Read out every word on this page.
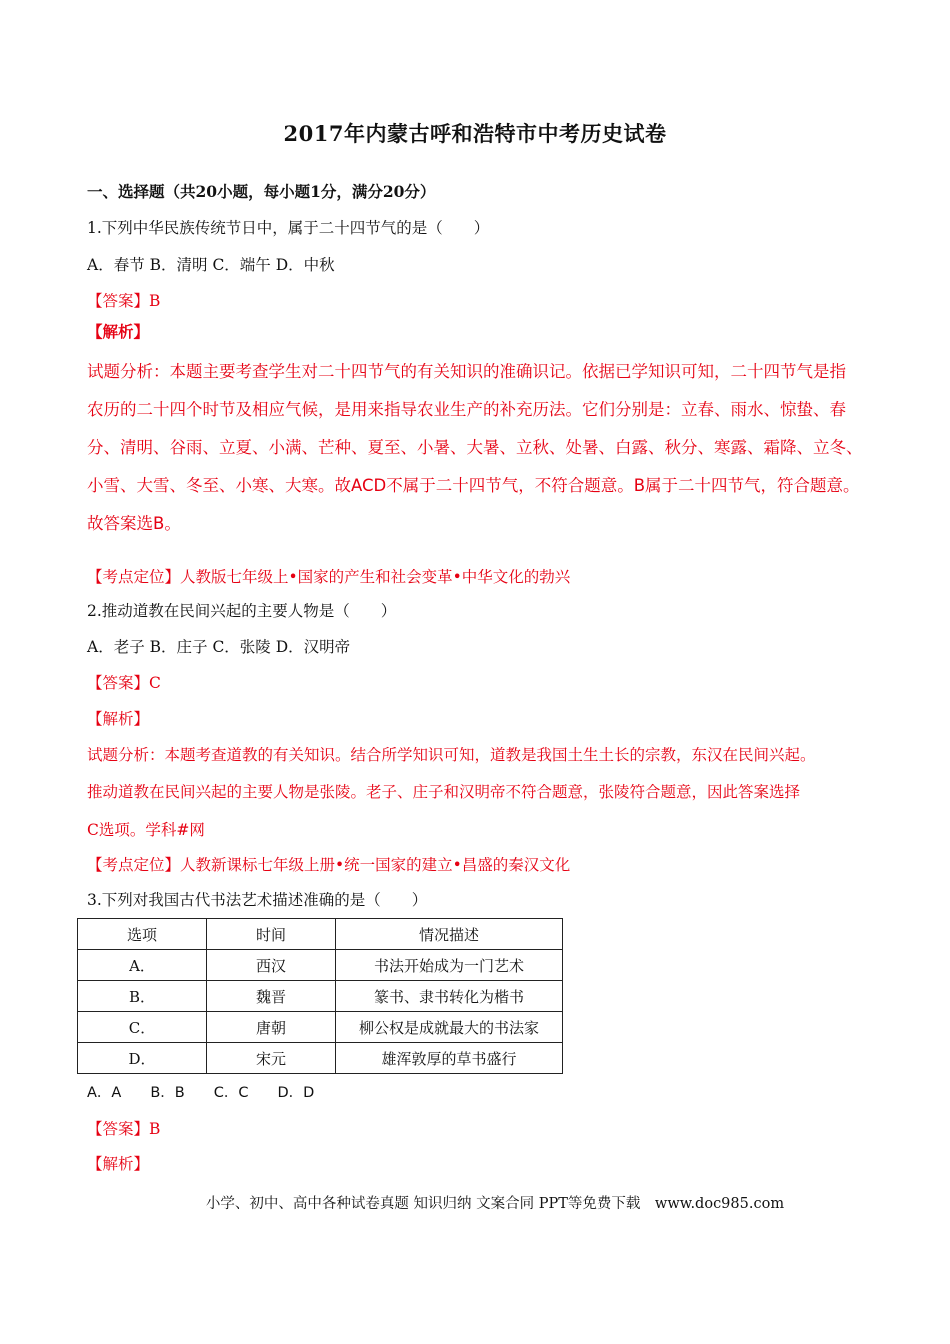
2017年内蒙古呼和浩特市中考历史试卷
一、选择题（共20小题，每小题1分，满分20分）
1.下列中华民族传统节日中，属于二十四节气的是（　　）
A．春节 B．清明 C．端午 D．中秋
【答案】B
【解析】
试题分析：本题主要考查学生对二十四节气的有关知识的准确识记。依据已学知识可知，二十四节气是指
农历的二十四个时节及相应气候，是用来指导农业生产的补充历法。它们分别是：立春、雨水、惊蛰、春
分、清明、谷雨、立夏、小满、芒种、夏至、小暑、大暑、立秋、处暑、白露、秋分、寒露、霜降、立冬、
小雪、大雪、冬至、小寒、大寒。故ACD不属于二十四节气，不符合题意。B属于二十四节气，符合题意。
故答案选B。
【考点定位】人教版七年级上•国家的产生和社会变革•中华文化的勃兴
2.推动道教在民间兴起的主要人物是（　　）
A．老子 B．庄子 C．张陵 D．汉明帝
【答案】C
【解析】
试题分析：本题考查道教的有关知识。结合所学知识可知，道教是我国土生土长的宗教，东汉在民间兴起。
推动道教在民间兴起的主要人物是张陵。老子、庄子和汉明帝不符合题意，张陵符合题意，因此答案选择
C选项。学科#网
【考点定位】人教新课标七年级上册•统一国家的建立•昌盛的秦汉文化
3.下列对我国古代书法艺术描述准确的是（　　）
选项	时间	情况描述
A．	西汉	书法开始成为一门艺术
B．	魏晋	篆书、隶书转化为楷书
C．	唐朝	柳公权是成就最大的书法家
D．	宋元	雄浑敦厚的草书盛行
A．A　　B．B　　C．C　　D．D
【答案】B
【解析】
小学、初中、高中各种试卷真题 知识归纳 文案合同 PPT等免费下载　www.doc985.com
